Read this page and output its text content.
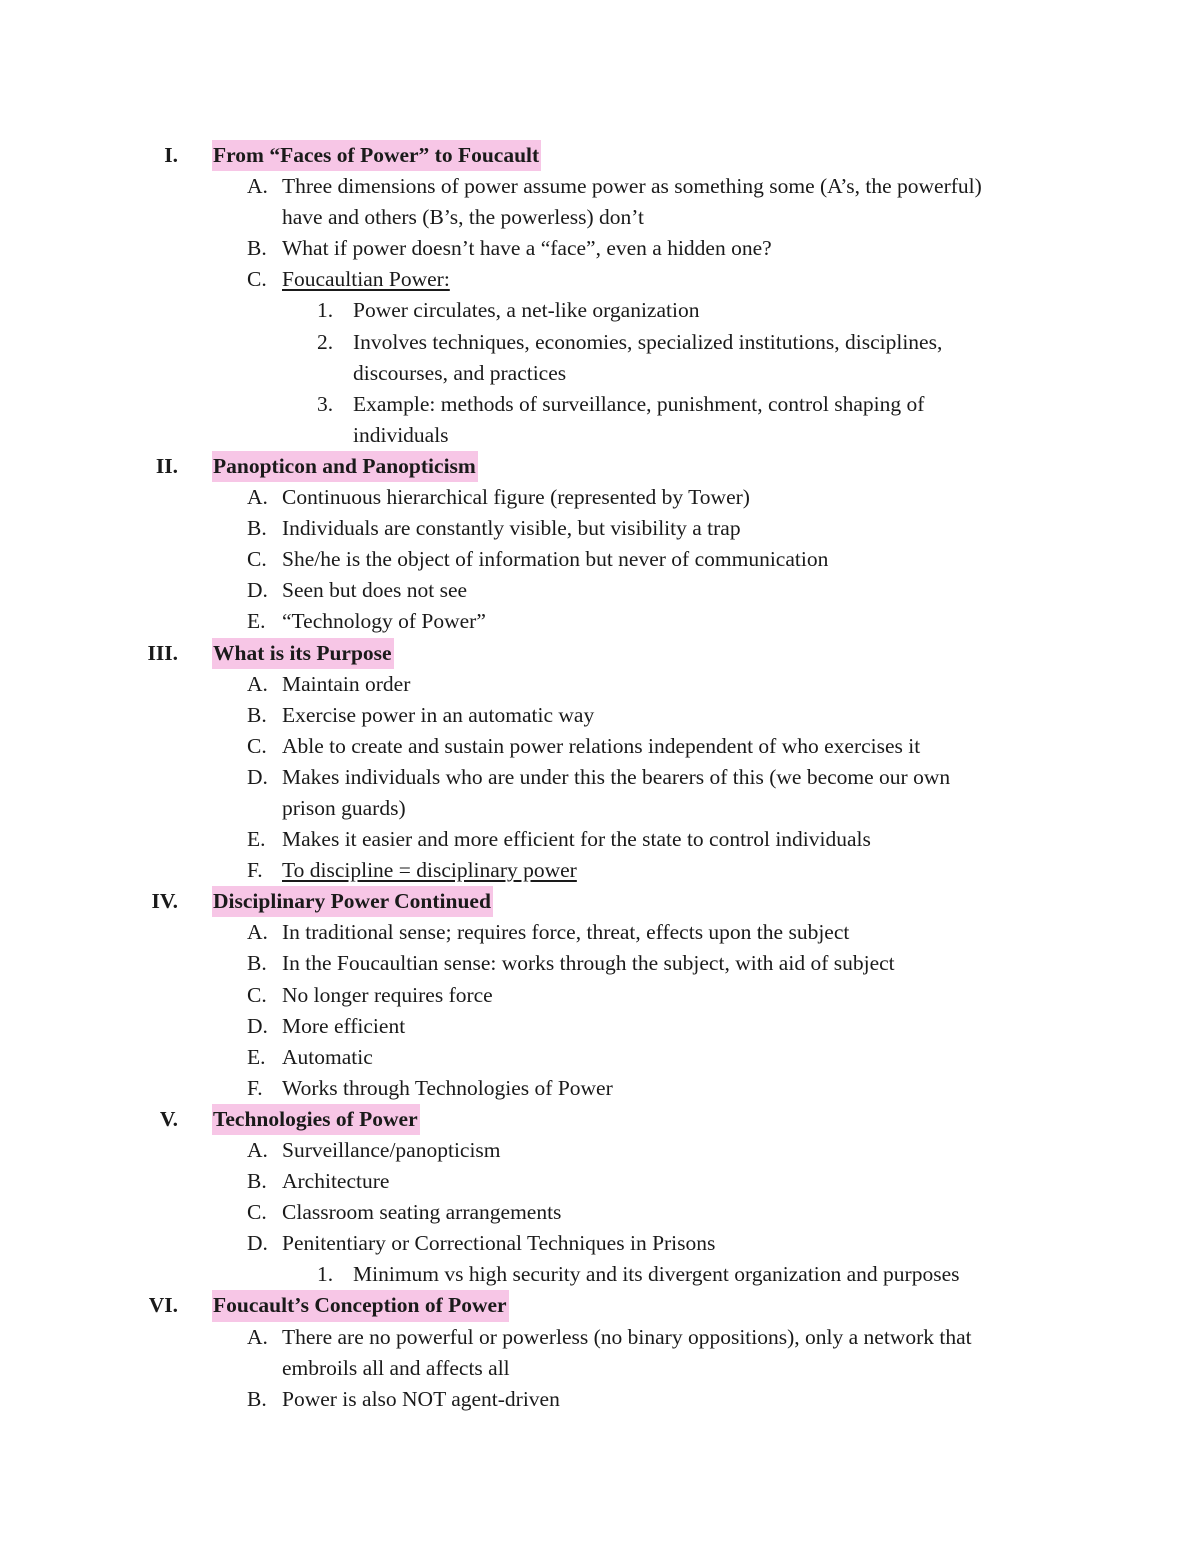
I. From “Faces of Power” to Foucault
A. Three dimensions of power assume power as something some (A’s, the powerful)
have and others (B’s, the powerless) don’t
B. What if power doesn’t have a “face”, even a hidden one?
C. Foucaultian Power:
1. Power circulates, a net-like organization
2. Involves techniques, economies, specialized institutions, disciplines,
discourses, and practices
3. Example: methods of surveillance, punishment, control shaping of
individuals
II. Panopticon and Panopticism
A. Continuous hierarchical figure (represented by Tower)
B. Individuals are constantly visible, but visibility a trap
C. She/he is the object of information but never of communication
D. Seen but does not see
E. “Technology of Power”
III. What is its Purpose
A. Maintain order
B. Exercise power in an automatic way
C. Able to create and sustain power relations independent of who exercises it
D. Makes individuals who are under this the bearers of this (we become our own
prison guards)
E. Makes it easier and more efficient for the state to control individuals
F. To discipline = disciplinary power
IV. Disciplinary Power Continued
A. In traditional sense; requires force, threat, effects upon the subject
B. In the Foucaultian sense: works through the subject, with aid of subject
C. No longer requires force
D. More efficient
E. Automatic
F. Works through Technologies of Power
V. Technologies of Power
A. Surveillance/panopticism
B. Architecture
C. Classroom seating arrangements
D. Penitentiary or Correctional Techniques in Prisons
1. Minimum vs high security and its divergent organization and purposes
VI. Foucault’s Conception of Power
A. There are no powerful or powerless (no binary oppositions), only a network that
embroils all and affects all
B. Power is also NOT agent-driven
